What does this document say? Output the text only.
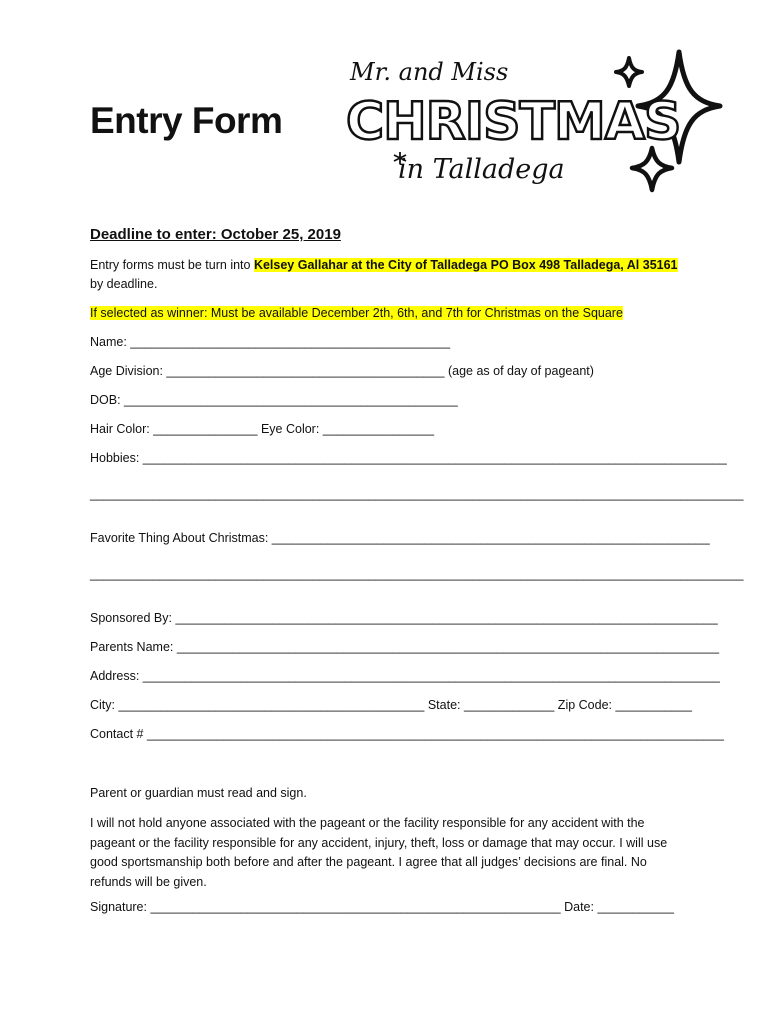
Entry Form
Mr. and Miss
CHRISTMAS
in Talladega
Deadline to enter: October 25, 2019
Entry forms must be turn into Kelsey Gallahar at the City of Talladega PO Box 498 Talladega, Al 35161
by deadline.
If selected as winner: Must be available December 2th, 6th, and 7th for Christmas on the Square
Name: ______________________________________________
Age Division: ________________________________________ (age as of day of pageant)
DOB: ________________________________________________
Hair Color: _______________ Eye Color: ________________
Hobbies: ____________________________________________________________________________________
______________________________________________________________________________________________
Favorite Thing About Christmas: _______________________________________________________________
______________________________________________________________________________________________
Sponsored By: ______________________________________________________________________________
Parents Name: ______________________________________________________________________________
Address: ___________________________________________________________________________________
City: ____________________________________________ State: _____________ Zip Code: ___________
Contact # ___________________________________________________________________________________
Parent or guardian must read and sign.
I will not hold anyone associated with the pageant or the facility responsible for any accident with the pageant or the facility responsible for any accident, injury, theft, loss or damage that may occur. I will use good sportsmanship both before and after the pageant. I agree that all judges’ decisions are final. No refunds will be given.
Signature: ___________________________________________________________ Date: ___________
